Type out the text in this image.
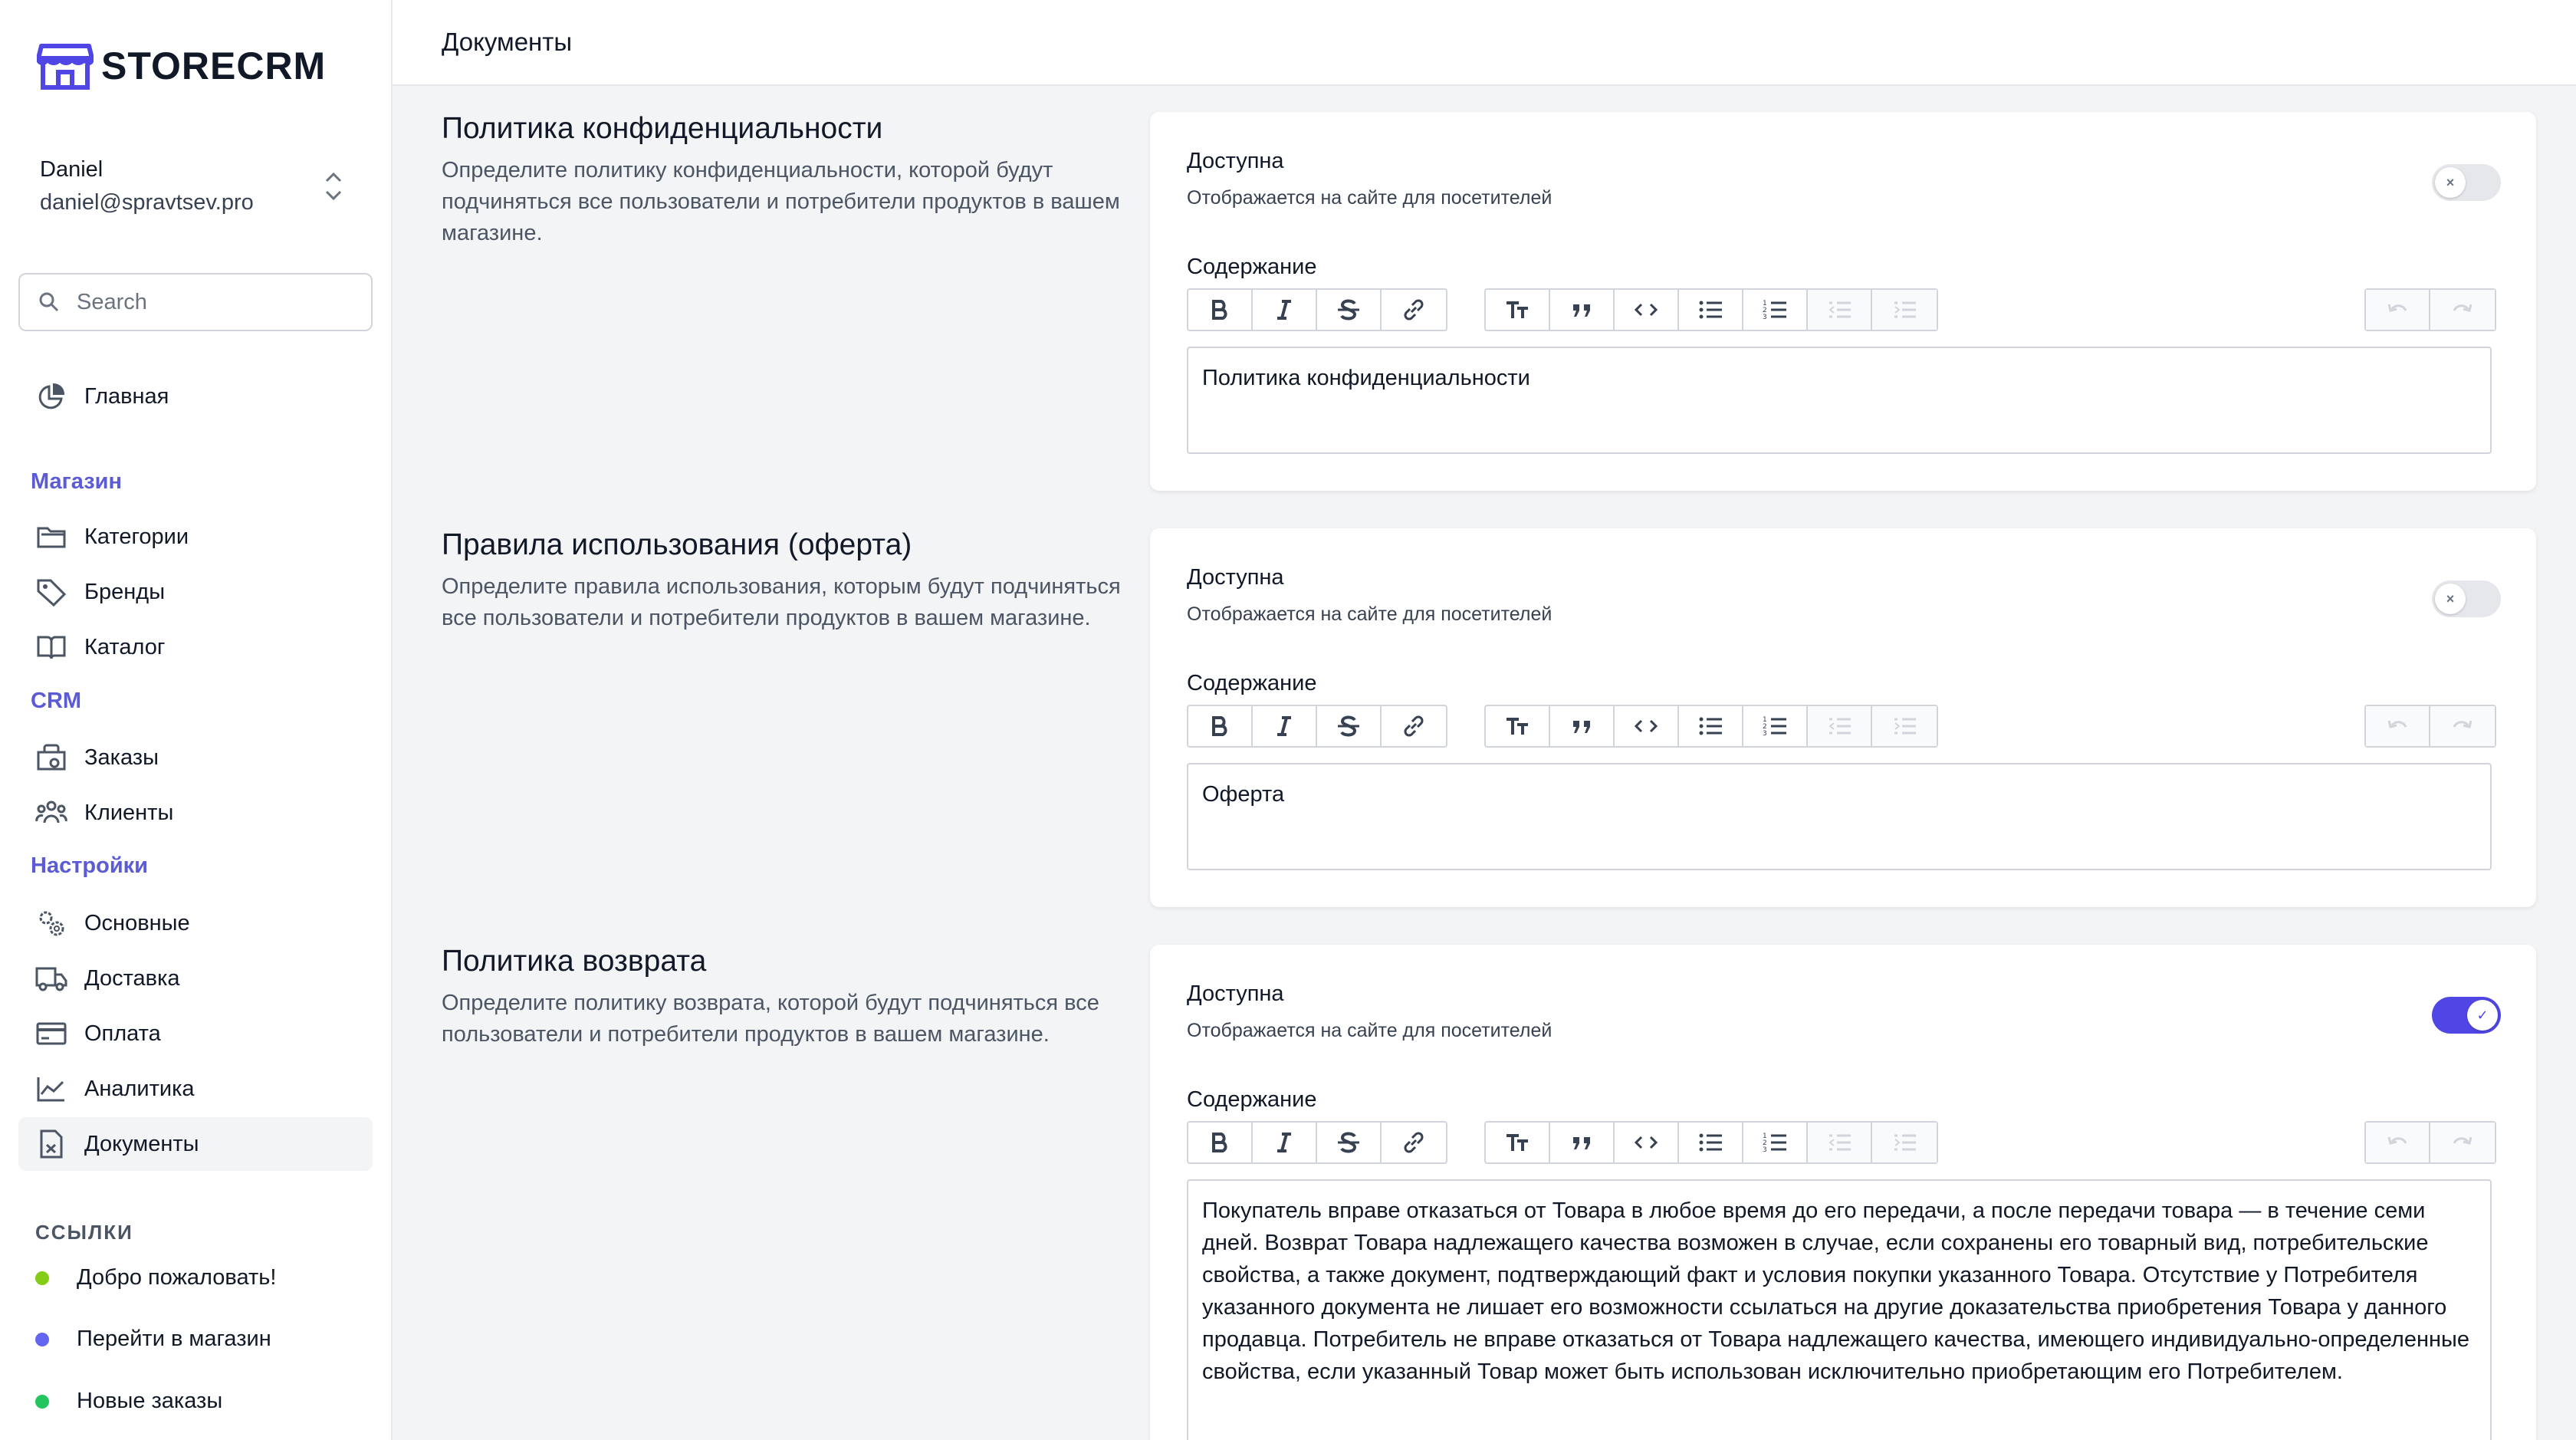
STORECRM
Daniel
daniel@spravtsev.pro
Search
Главная
Магазин
Категории
Бренды
Каталог
CRM
Заказы
Клиенты
Настройки
Основные
Доставка
Оплата
Аналитика
Документы
ССЫЛКИ
Добро пожаловать!
Перейти в магазин
Новые заказы
Документы
Политика конфиденциальности
Определите политику конфиденциальности, которой будут подчиняться все пользователи и потребители продуктов в вашем магазине.
Доступна
Отображается на сайте для посетителей
×
Содержание
1
2
3
Политика конфиденциальности
Правила использования (оферта)
Определите правила использования, которым будут подчиняться все пользователи и потребители продуктов в вашем магазине.
Доступна
Отображается на сайте для посетителей
×
Содержание
1
2
3
Оферта
Политика возврата
Определите политику возврата, которой будут подчиняться все пользователи и потребители продуктов в вашем магазине.
Доступна
Отображается на сайте для посетителей
✓
Содержание
1
2
3
Покупатель вправе отказаться от Товара в любое время до его передачи, а после передачи товара — в течение семи дней. Возврат Товара надлежащего качества возможен в случае, если сохранены его товарный вид, потребительские свойства, а также документ, подтверждающий факт и условия покупки указанного Товара. Отсутствие у Потребителя указанного документа не лишает его возможности ссылаться на другие доказательства приобретения Товара у данного продавца. Потребитель не вправе отказаться от Товара надлежащего качества, имеющего индивидуально-определенные свойства, если указанный Товар может быть использован исключительно приобретающим его Потребителем.
